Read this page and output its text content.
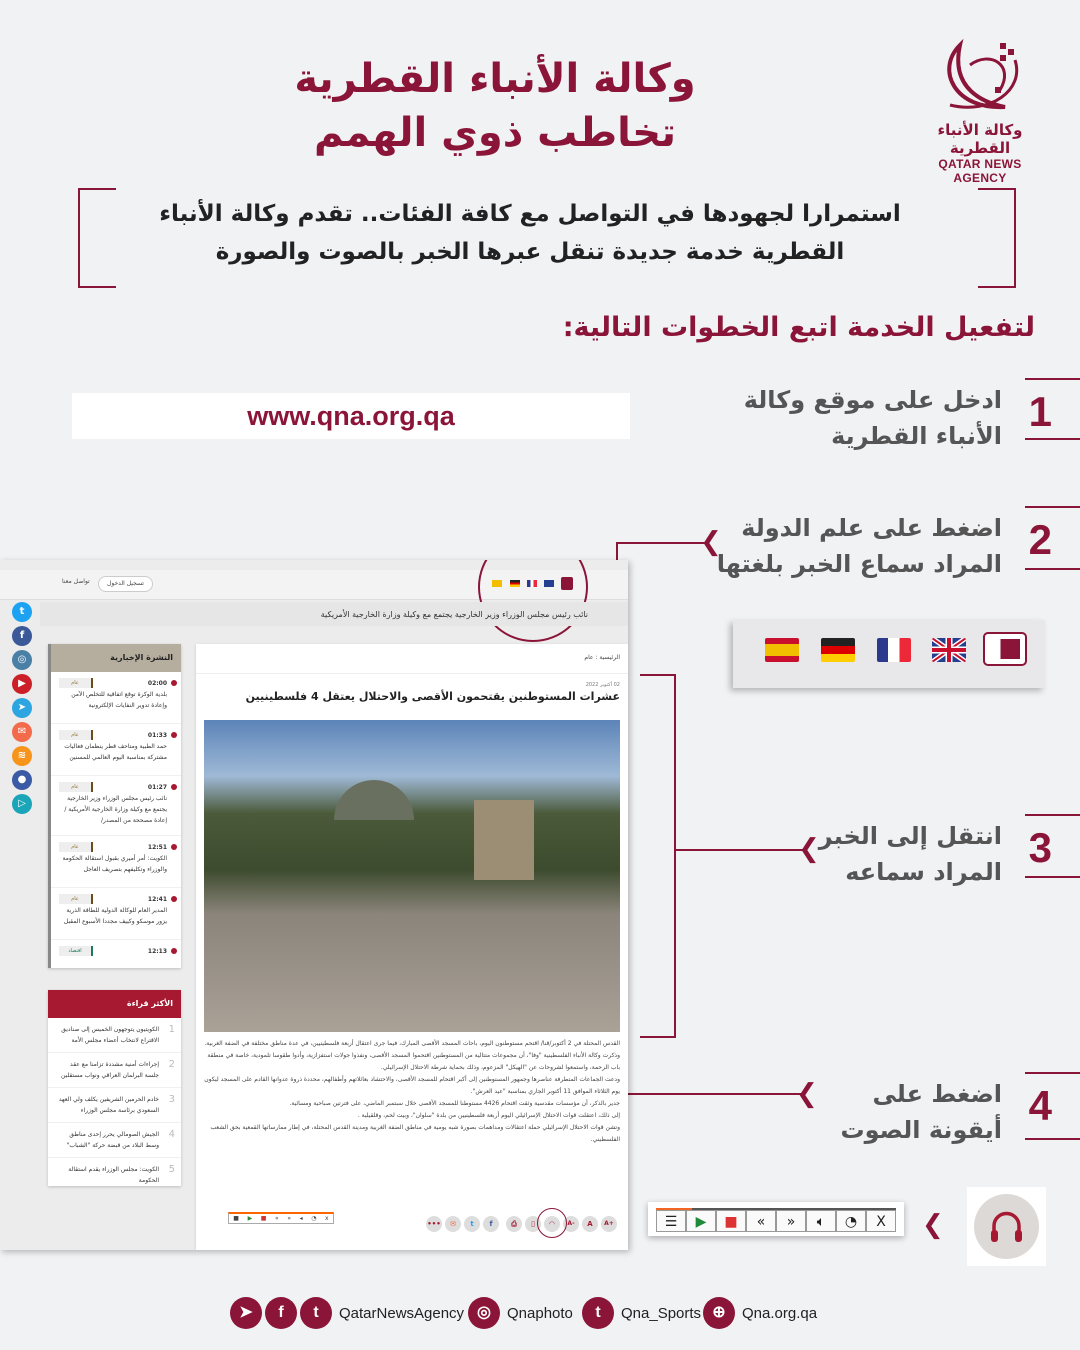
وكالة الأنباء القطرية
تخاطب ذوي الهمم	وكالة الأنباء القطرية
QATAR NEWS AGENCY
استمرارا لجهودها في التواصل مع كافة الفئات.. تقدم وكالة الأنباء
القطرية خدمة جديدة تنقل عبرها الخبر بالصوت والصورة
لتفعيل الخدمة اتبع الخطوات التالية:
www.qna.org.qa	1
ادخل على موقع وكالة
الأنباء القطرية
2
اضغط على علم الدولة
المراد سماع الخبر بلغتها
3
انتقل إلى الخبر
المراد سماعه
4
اضغط على
أيقونة الصوت
❮
❮
❮
تسجيل الدخول
تواصل معنا
نائب رئيس مجلس الوزراء وزير الخارجية يجتمع مع وكيلة وزارة الخارجية الأمريكية
t
f
◎
▶
➤
✉
≋
●
▷
النشرة الإخبارية
02:00
عام
بلدية الوكرة توقع اتفاقية للتخلص الآمن وإعادة تدوير النفايات الإلكترونية
01:33
عام
حمد الطبية ومتاحف قطر ينظمان فعاليات مشتركة بمناسبة اليوم العالمي للمسنين
01:27
عام
نائب رئيس مجلس الوزراء وزير الخارجية يجتمع مع وكيلة وزارة الخارجية الأمريكية / إعادة مصححة من المصدر/
12:51
عام
الكويت: أمر أميري بقبول استقالة الحكومة والوزراء وتكليفهم بتصريف العاجل
12:41
عام
المدير العام للوكالة الدولية للطاقة الذرية يزور موسكو وكييف مجددا الأسبوع المقبل
12:13
اقتصاد
الأكثر قراءة
1
الكويتيون يتوجهون الخميس إلى صناديق الاقتراع لانتخاب أعضاء مجلس الأمة
2
إجراءات أمنية مشددة تزامنا مع عقد جلسة البرلمان العراقي ونواب مستقلين
3
خادم الحرمين الشريفين يكلف ولي العهد السعودي برئاسة مجلس الوزراء
4
الجيش الصومالي يحرر إحدى مناطق وسط البلاد من قبضة حركة "الشباب"
5
الكويت: مجلس الوزراء يقدم استقالة الحكومة
الرئيسية : عام
02 أكتوبر 2022
عشرات المستوطنين يقتحمون الأقصى والاحتلال يعتقل 4 فلسطينيين

القدس المحتلة في 2 أكتوبر/قنا/ اقتحم مستوطنون اليوم، باحات المسجد الأقصى المبارك، فيما جرى اعتقال أربعة فلسطينيين، في عدة مناطق مختلفة في الضفة الغربية.

وذكرت وكالة الأنباء الفلسطينية "وفا"، أن مجموعات متتالية من المستوطنين اقتحموا المسجد الأقصى، ونفذوا جولات استفزازية، وأدوا طقوسا تلمودية، خاصة في منطقة باب الرحمة، واستمعوا لشروحات عن "الهيكل" المزعوم، وذلك بحماية شرطة الاحتلال الإسرائيلي.

ودعت الجماعات المتطرفة عناصرها وجمهور المستوطنين إلى أكبر اقتحام للمسجد الأقصى، والاحتشاد بعائلاتهم وأطفالهم، محددة ذروة عدوانها القادم على المسجد ليكون يوم الثلاثاء الموافق 11 أكتوبر الجاري بمناسبة "عيد العرش".

جدير بالذكر، أن مؤسسات مقدسية وثقت اقتحام 4426 مستوطنا للمسجد الأقصى خلال سبتمبر الماضي، على فترتين صباحية ومسائية.

إلى ذلك، اعتقلت قوات الاحتلال الإسرائيلي اليوم أربعة فلسطينيين من بلدة "سلوان"، وبيت لحم، وقلقيلية .

وتشن قوات الاحتلال الإسرائيلي حملة اعتقالات ومداهمات بصورة شبه يومية في مناطق الضفة الغربية ومدينة القدس المحتلة، في إطار ممارساتها القمعية بحق الشعب الفلسطيني.

■ ▶ ■ « » ◂ ◔ x
•••	✉	t	f	⎙	▯	◠	A-	A	A+	☰	▶	■	«	»	🔈︎	◔	X	❮
➤	f	t	QatarNewsAgency ◎	Qnaphoto	t	Qna_Sports ⊕	Qna.org.qa
